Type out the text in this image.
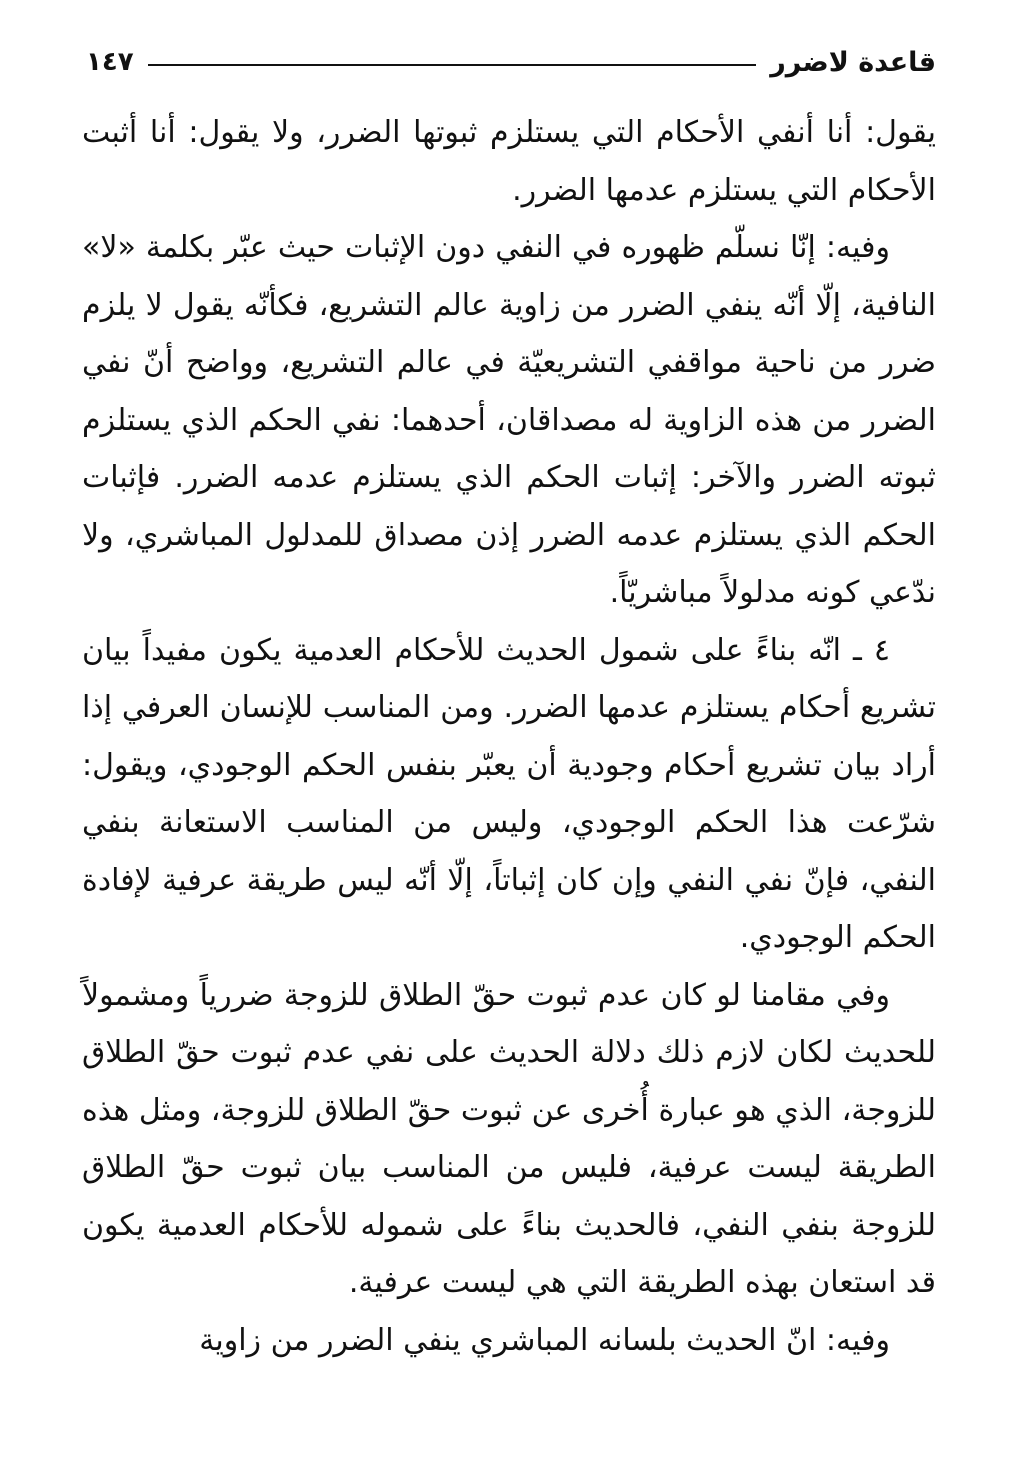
قاعدة لاضرر
١٤٧

يقول: أنا أنفي الأحكام التي يستلزم ثبوتها الضرر، ولا يقول: أنا أثبت الأحكام التي يستلزم عدمها الضرر.

وفيه: إنّا نسلّم ظهوره في النفي دون الإثبات حيث عبّر بكلمة «لا» النافية، إلّا أنّه ينفي الضرر من زاوية عالم التشريع، فكأنّه يقول لا يلزم ضرر من ناحية مواقفي التشريعيّة في عالم التشريع، وواضح أنّ نفي الضرر من هذه الزاوية له مصداقان، أحدهما: نفي الحكم الذي يستلزم ثبوته الضرر والآخر: إثبات الحكم الذي يستلزم عدمه الضرر. فإثبات الحكم الذي يستلزم عدمه الضرر إذن مصداق للمدلول المباشري، ولا ندّعي كونه مدلولاً مباشريّاً.

٤ ـ انّه بناءً على شمول الحديث للأحكام العدمية يكون مفيداً بيان تشريع أحكام يستلزم عدمها الضرر. ومن المناسب للإنسان العرفي إذا أراد بيان تشريع أحكام وجودية أن يعبّر بنفس الحكم الوجودي، ويقول: شرّعت هذا الحكم الوجودي، وليس من المناسب الاستعانة بنفي النفي، فإنّ نفي النفي وإن كان إثباتاً، إلّا أنّه ليس طريقة عرفية لإفادة الحكم الوجودي.

وفي مقامنا لو كان عدم ثبوت حقّ الطلاق للزوجة ضررياً ومشمولاً للحديث لكان لازم ذلك دلالة الحديث على نفي عدم ثبوت حقّ الطلاق للزوجة، الذي هو عبارة أُخرى عن ثبوت حقّ الطلاق للزوجة، ومثل هذه الطريقة ليست عرفية، فليس من المناسب بيان ثبوت حقّ الطلاق للزوجة بنفي النفي، فالحديث بناءً على شموله للأحكام العدمية يكون قد استعان بهذه الطريقة التي هي ليست عرفية.

وفيه: انّ الحديث بلسانه المباشري ينفي الضرر من زاوية
